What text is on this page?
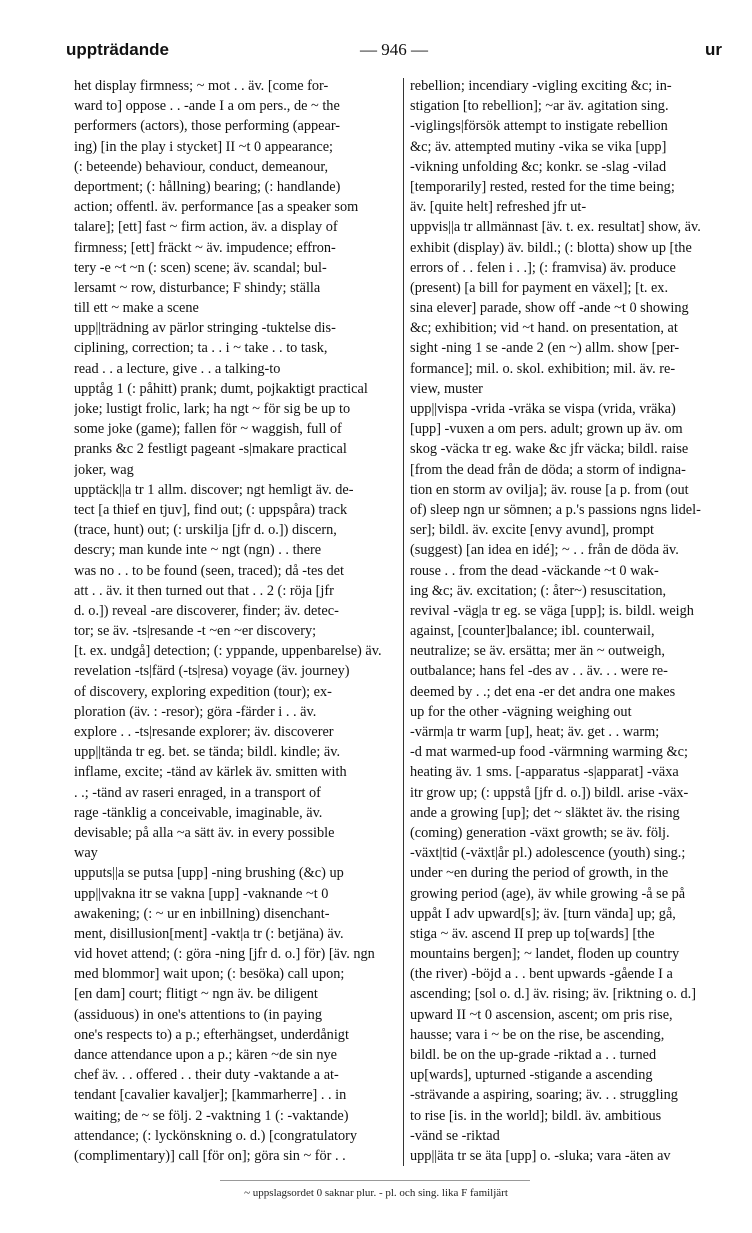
uppträdande	— 946 —	ur
het display firmness; ~ mot . . äv. [come for-
ward to] oppose . . -ande I a om pers., de ~ the
performers (actors), those performing (appear-
ing) [in the play i stycket] II ~t 0 appearance;
(: beteende) behaviour, conduct, demeanour,
deportment; (: hållning) bearing; (: handlande)
action; offentl. äv. performance [as a speaker som
talare]; [ett] fast ~ firm action, äv. a display of
firmness; [ett] fräckt ~ äv. impudence; effron-
tery -e ~t ~n (: scen) scene; äv. scandal; bul-
lersamt ~ row, disturbance; F shindy; ställa
till ett ~ make a scene
upp||trädning av pärlor stringing -tuktelse dis-
ciplining, correction; ta . . i ~ take . . to task,
read . . a lecture, give . . a talking-to
upptåg 1 (: påhitt) prank; dumt, pojkaktigt practical
joke; lustigt frolic, lark; ha ngt ~ för sig be up to
some joke (game); fallen för ~ waggish, full of
pranks &c 2 festligt pageant -s|makare practical
joker, wag
upptäck||a tr 1 allm. discover; ngt hemligt äv. de-
tect [a thief en tjuv], find out; (: uppspåra) track
(trace, hunt) out; (: urskilja [jfr d. o.]) discern,
descry; man kunde inte ~ ngt (ngn) . . there
was no . . to be found (seen, traced); då -tes det
att . . äv. it then turned out that . . 2 (: röja [jfr
d. o.]) reveal -are discoverer, finder; äv. detec-
tor; se äv. -ts|resande -t ~en ~er discovery;
[t. ex. undgå] detection; (: yppande, uppenbarelse) äv.
revelation -ts|färd (-ts|resa) voyage (äv. journey)
of discovery, exploring expedition (tour); ex-
ploration (äv. : -resor); göra -färder i . . äv.
explore . . -ts|resande explorer; äv. discoverer
upp||tända tr eg. bet. se tända; bildl. kindle; äv.
inflame, excite; -tänd av kärlek äv. smitten with
. .; -tänd av raseri enraged, in a transport of
rage -tänklig a conceivable, imaginable, äv.
devisable; på alla ~a sätt äv. in every possible
way
upputs||a se putsa [upp] -ning brushing (&c) up
upp||vakna itr se vakna [upp] -vaknande ~t 0
awakening; (: ~ ur en inbillning) disenchant-
ment, disillusion[ment] -vakt|a tr (: betjäna) äv.
vid hovet attend; (: göra -ning [jfr d. o.] för) [äv. ngn
med blommor] wait upon; (: besöka) call upon;
[en dam] court; flitigt ~ ngn äv. be diligent
(assiduous) in one's attentions to (in paying
one's respects to) a p.; efterhängset, underdånigt
dance attendance upon a p.; kären ~de sin nye
chef äv. . . offered . . their duty -vaktande a at-
tendant [cavalier kavaljer]; [kammarherre] . . in
waiting; de ~ se följ. 2 -vaktning 1 (: -vaktande)
attendance; (: lyckönskning o. d.) [congratulatory
(complimentary)] call [för on]; göra sin ~ för . .
rebellion; incendiary -vigling exciting &c; in-
stigation [to rebellion]; ~ar äv. agitation sing.
-viglings|försök attempt to instigate rebellion
&c; äv. attempted mutiny -vika se vika [upp]
-vikning unfolding &c; konkr. se -slag -vilad
[temporarily] rested, rested for the time being;
äv. [quite helt] refreshed jfr ut-
uppvis||a tr allmännast [äv. t. ex. resultat] show, äv.
exhibit (display) äv. bildl.; (: blotta) show up [the
errors of . . felen i . .]; (: framvisa) äv. produce
(present) [a bill for payment en växel]; [t. ex.
sina elever] parade, show off -ande ~t 0 showing
&c; exhibition; vid ~t hand. on presentation, at
sight -ning 1 se -ande 2 (en ~) allm. show [per-
formance]; mil. o. skol. exhibition; mil. äv. re-
view, muster
upp||vispa -vrida -vräka se vispa (vrida, vräka)
[upp] -vuxen a om pers. adult; grown up äv. om
skog -väcka tr eg. wake &c jfr väcka; bildl. raise
[from the dead från de döda; a storm of indigna-
tion en storm av ovilja]; äv. rouse [a p. from (out
of) sleep ngn ur sömnen; a p.'s passions ngns lidel-
ser]; bildl. äv. excite [envy avund], prompt
(suggest) [an idea en idé]; ~ . . från de döda äv.
rouse . . from the dead -väckande ~t 0 wak-
ing &c; äv. excitation; (: åter~) resuscitation,
revival -väg|a tr eg. se väga [upp]; is. bildl. weigh
against, [counter]balance; ibl. counterwail,
neutralize; se äv. ersätta; mer än ~ outweigh,
outbalance; hans fel -des av . . äv. . . were re-
deemed by . .; det ena -er det andra one makes
up for the other -vägning weighing out
-värm|a tr warm [up], heat; äv. get . . warm;
-d mat warmed-up food -värmning warming &c;
heating äv. 1 sms. [-apparatus -s|apparat] -växa
itr grow up; (: uppstå [jfr d. o.]) bildl. arise -väx-
ande a growing [up]; det ~ släktet äv. the rising
(coming) generation -växt growth; se äv. följ.
-växt|tid (-växt|år pl.) adolescence (youth) sing.;
under ~en during the period of growth, in the
growing period (age), äv while growing -å se på
uppåt I adv upward[s]; äv. [turn vända] up; gå,
stiga ~ äv. ascend II prep up to[wards] [the
mountains bergen]; ~ landet, floden up country
(the river) -böjd a . . bent upwards -gående I a
ascending; [sol o. d.] äv. rising; äv. [riktning o. d.]
upward II ~t 0 ascension, ascent; om pris rise,
hausse; vara i ~ be on the rise, be ascending,
bildl. be on the up-grade -riktad a . . turned
up[wards], upturned -stigande a ascending
-strävande a aspiring, soaring; äv. . . struggling
to rise [is. in the world]; bildl. äv. ambitious
-vänd se -riktad
upp||äta tr se äta [upp] o. -sluka; vara -äten av
~ uppslagsordet 0 saknar plur. - pl. och sing. lika F familjärt
